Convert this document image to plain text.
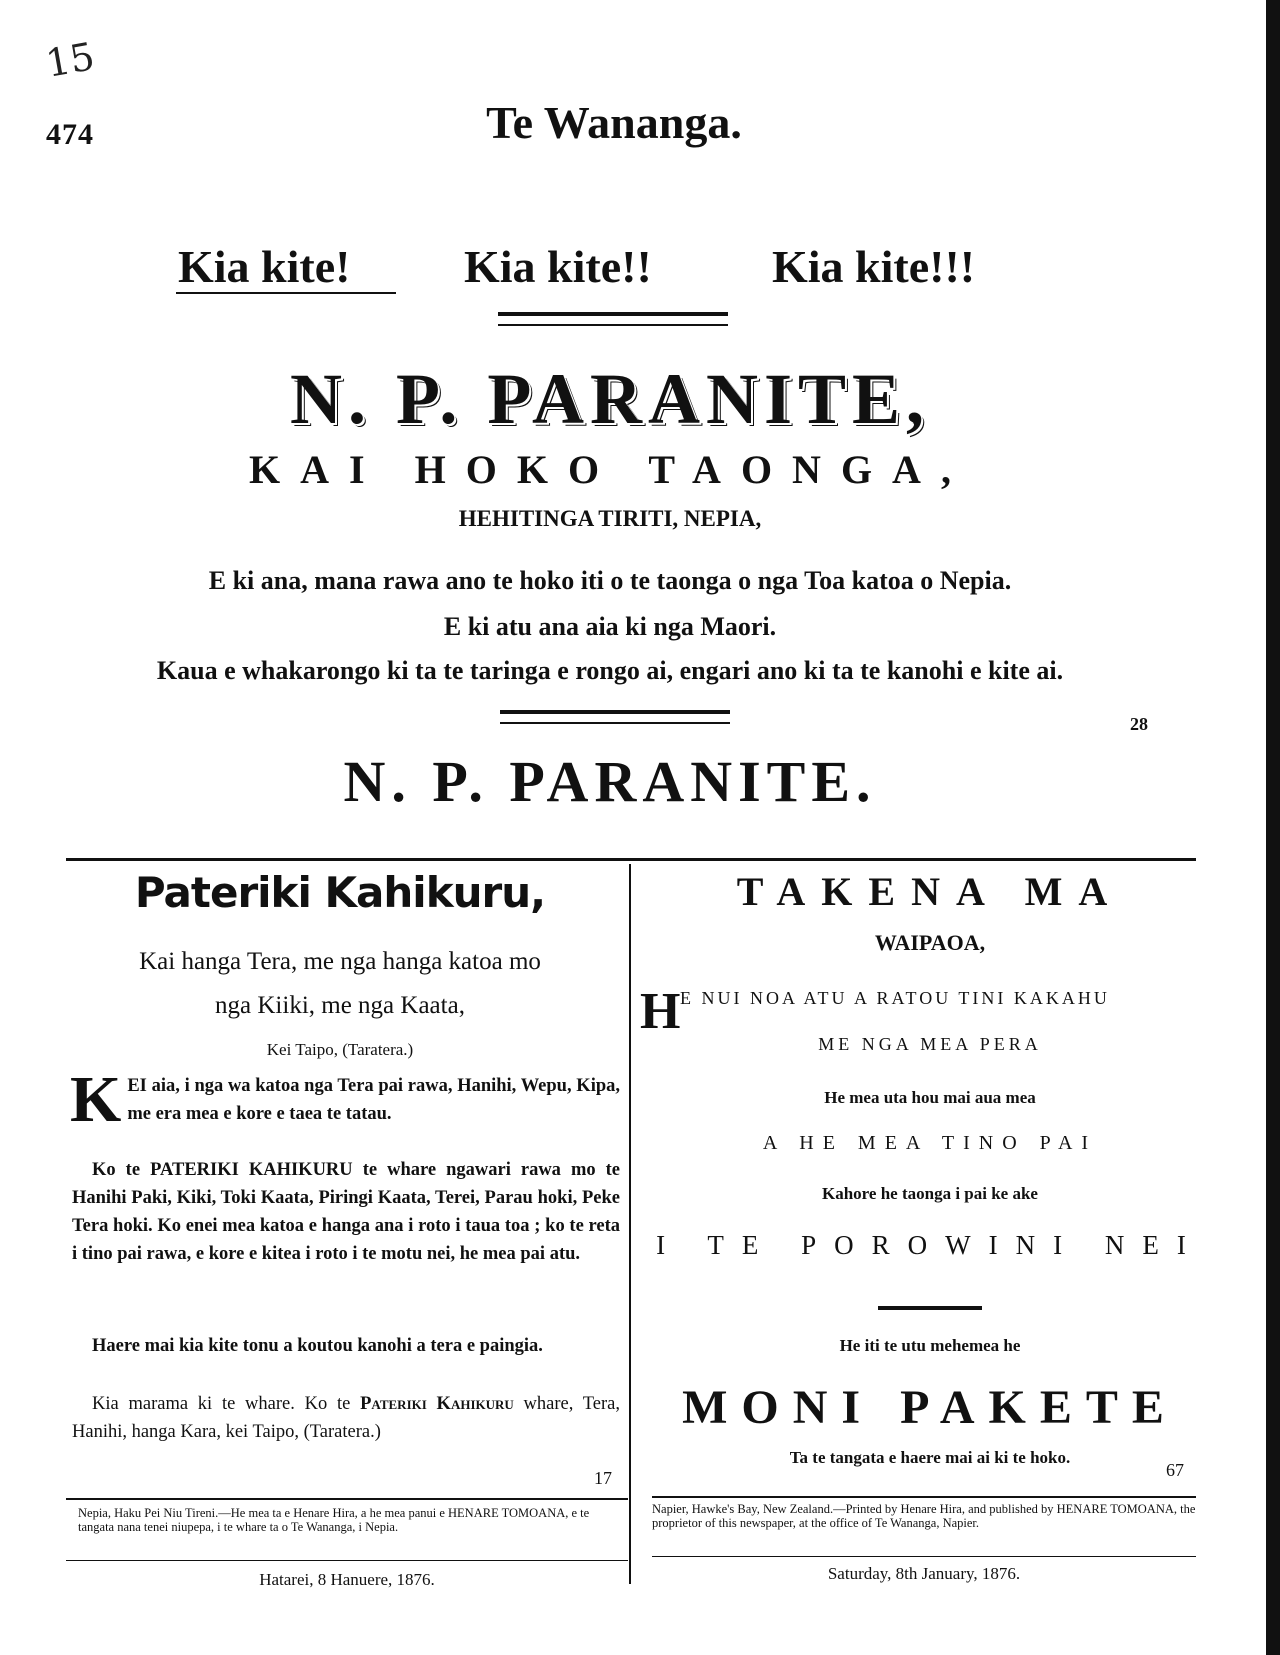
15
474	Te Wananga.
Kia kite! Kia kite!!	Kia kite!!!
N. P. PARANITE,
KAI HOKO TAONGA,
HEHITINGA TIRITI, NEPIA,
E ki ana, mana rawa ano te hoko iti o te taonga o nga Toa katoa o Nepia.
E ki atu ana aia ki nga Maori.
Kaua e whakarongo ki ta te taringa e rongo ai, engari ano ki ta te kanohi e kite ai.
28
N. P. PARANITE.
Pateriki Kahikuru,
Kai hanga Tera, me nga hanga katoa mo
nga Kiiki, me nga Kaata,
Kei Taipo, (Taratera.)
K EI aia, i nga wa katoa nga Tera pai rawa, Hanihi, Wepu, Kipa, me era mea e kore e taea te tatau.
Ko te PATERIKI KAHIKURU te whare ngawari rawa mo te Hanihi Paki, Kiki, Toki Kaata, Piringi Kaata, Terei, Parau hoki, Peke Tera hoki. Ko enei mea katoa e hanga ana i roto i taua toa ; ko te reta i tino pai rawa, e kore e kitea i roto i te motu nei, he mea pai atu.
Haere mai kia kite tonu a koutou kanohi a tera e paingia.
Kia marama ki te whare. Ko te Pateriki Kahikuru whare, Tera, Hanihi, hanga Kara, kei Taipo, (Taratera.)
17
TAKENA MA
WAIPAOA,
H E NUI NOA ATU A RATOU TINI KAKAHU
ME NGA MEA PERA
He mea uta hou mai aua mea
A HE MEA TINO PAI
Kahore he taonga i pai ke ake
I TE POROWINI NEI
He iti te utu mehemea he
MONI PAKETE
Ta te tangata e haere mai ai ki te hoko.
67
Nepia, Haku Pei Niu Tireni.—He mea ta e Henare Hira, a he mea panui e HENARE TOMOANA, e te tangata nana tenei niupepa, i te whare ta o Te Wananga, i Nepia.
Hatarei, 8 Hanuere, 1876.
Napier, Hawke's Bay, New Zealand.—Printed by Henare Hira, and published by HENARE TOMOANA, the proprietor of this newspaper, at the office of Te Wananga, Napier.
Saturday, 8th January, 1876.
